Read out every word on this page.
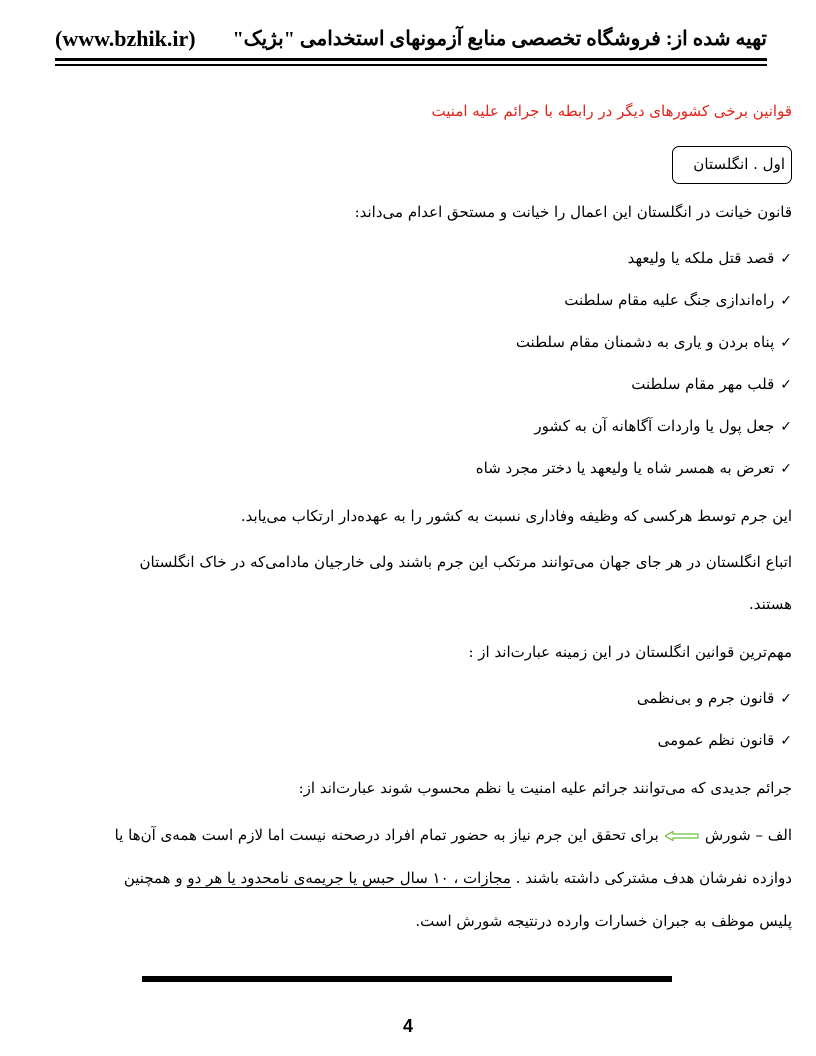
(www.bzhik.ir) تهیه شده از: فروشگاه تخصصی منابع آزمونهای استخدامی "بژیک"
قوانین برخی کشورهای دیگر در رابطه با جرائم علیه امنیت
اول . انگلستان
قانون خیانت در انگلستان این اعمال را خیانت و مستحق اعدام می‌داند:
✓قصد قتل ملکه یا ولیعهد
✓راه‌اندازی جنگ علیه مقام سلطنت
✓پناه بردن و یاری به دشمنان مقام سلطنت
✓قلب مهر مقام سلطنت
✓جعل پول یا واردات آگاهانه آن به کشور
✓تعرض به همسر شاه یا ولیعهد یا دختر مجرد شاه
این جرم توسط هرکسی که وظیفه وفاداری نسبت به کشور را به عهده‌دار ارتکاب می‌یابد.
اتباع انگلستان در هر جای جهان می‌توانند مرتکب این جرم باشند ولی خارجیان مادامی‌که در خاک انگلستان
هستند.
مهم‌ترین قوانین انگلستان در این زمینه عبارت‌اند از :
✓قانون جرم و بی‌نظمی
✓قانون نظم عمومی
جرائم جدیدی که می‌توانند جرائم علیه امنیت یا نظم محسوب شوند عبارت‌اند از:
الف – شورشبرای تحقق این جرم نیاز به حضور تمام افراد درصحنه نیست اما لازم است همه‌ی آن‌ها یا
دوازده نفرشان هدف مشترکی داشته باشند . مجازات ، ۱۰ سال حبس یا جریمه‌ی نامحدود یا هر دو و همچنین
پلیس موظف به جبران خسارات وارده درنتیجه شورش است.
4
